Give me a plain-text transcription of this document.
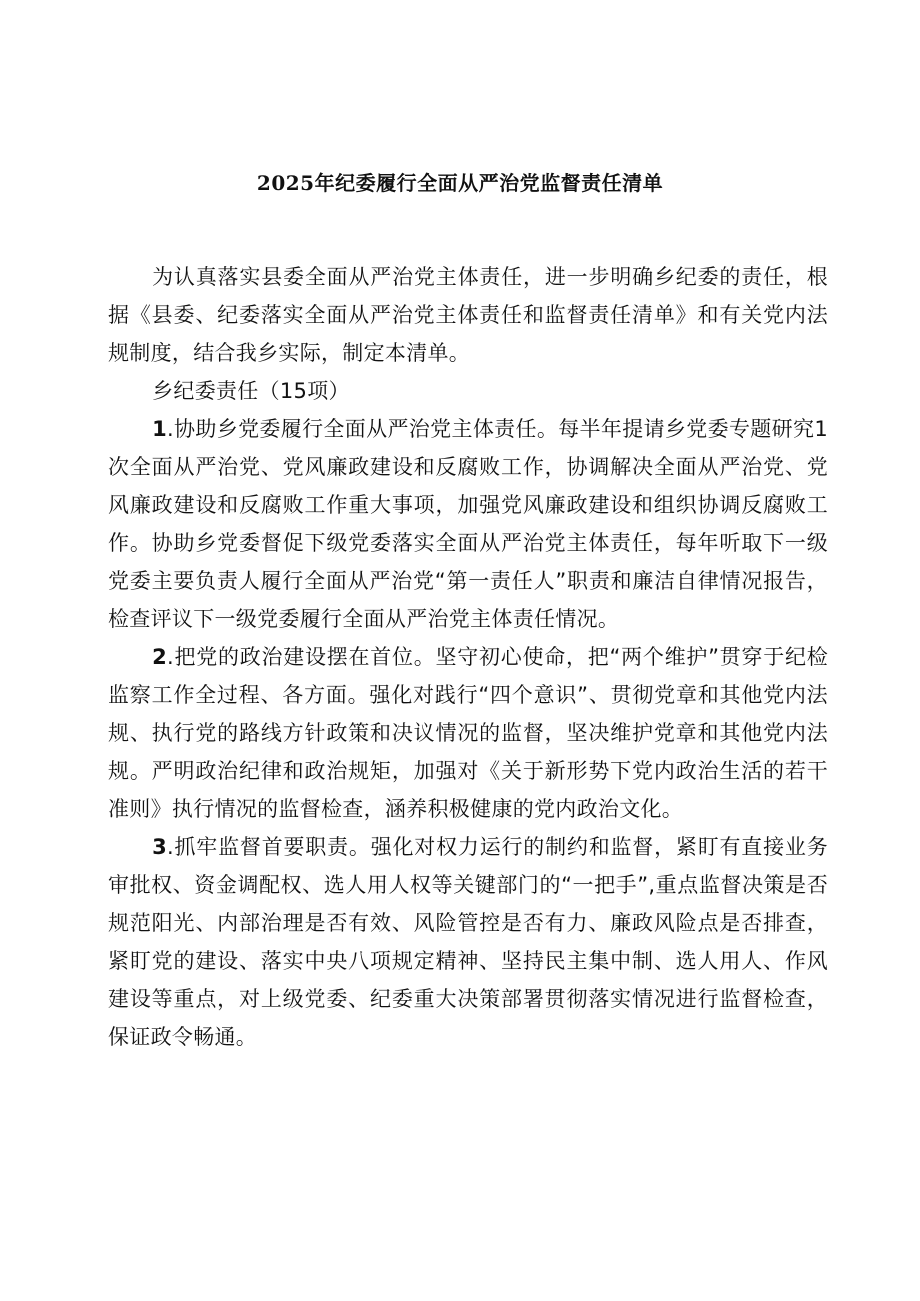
2025年纪委履行全面从严治党监督责任清单

为认真落实县委全面从严治党主体责任，进一步明确乡纪委的责任，根据《县委、纪委落实全面从严治党主体责任和监督责任清单》和有关党内法规制度，结合我乡实际，制定本清单。

乡纪委责任（15项）

1.协助乡党委履行全面从严治党主体责任。每半年提请乡党委专题研究1次全面从严治党、党风廉政建设和反腐败工作，协调解决全面从严治党、党风廉政建设和反腐败工作重大事项，加强党风廉政建设和组织协调反腐败工作。协助乡党委督促下级党委落实全面从严治党主体责任，每年听取下一级党委主要负责人履行全面从严治党“第一责任人”职责和廉洁自律情况报告，检查评议下一级党委履行全面从严治党主体责任情况。

2.把党的政治建设摆在首位。坚守初心使命，把“两个维护”贯穿于纪检监察工作全过程、各方面。强化对践行“四个意识”、贯彻党章和其他党内法规、执行党的路线方针政策和决议情况的监督，坚决维护党章和其他党内法规。严明政治纪律和政治规矩，加强对《关于新形势下党内政治生活的若干准则》执行情况的监督检查，涵养积极健康的党内政治文化。

3.抓牢监督首要职责。强化对权力运行的制约和监督，紧盯有直接业务审批权、资金调配权、选人用人权等关键部门的“一把手”,重点监督决策是否规范阳光、内部治理是否有效、风险管控是否有力、廉政风险点是否排查，紧盯党的建设、落实中央八项规定精神、坚持民主集中制、选人用人、作风建设等重点，对上级党委、纪委重大决策部署贯彻落实情况进行监督检查，保证政令畅通。
